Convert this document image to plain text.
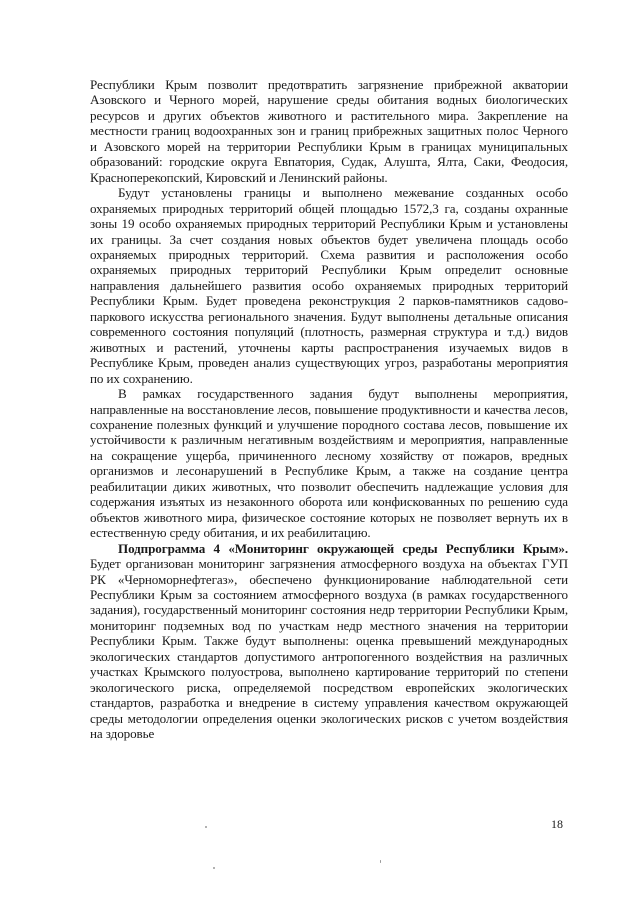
Республики Крым позволит предотвратить загрязнение прибрежной акватории Азовского и Черного морей, нарушение среды обитания водных биологических ресурсов и других объектов животного и растительного мира. Закрепление на местности границ водоохранных зон и границ прибрежных защитных полос Черного и Азовского морей на территории Республики Крым в границах муниципальных образований: городские округа Евпатория, Судак, Алушта, Ялта, Саки, Феодосия, Красноперекопский, Кировский и Ленинский районы.

Будут установлены границы и выполнено межевание созданных особо охраняемых природных территорий общей площадью 1572,3 га, созданы охранные зоны 19 особо охраняемых природных территорий Республики Крым и установлены их границы. За счет создания новых объектов будет увеличена площадь особо охраняемых природных территорий. Схема развития и расположения особо охраняемых природных территорий Республики Крым определит основные направления дальнейшего развития особо охраняемых природных территорий Республики Крым. Будет проведена реконструкция 2 парков-памятников садово-паркового искусства регионального значения. Будут выполнены детальные описания современного состояния популяций (плотность, размерная структура и т.д.) видов животных и растений, уточнены карты распространения изучаемых видов в Республике Крым, проведен анализ существующих угроз, разработаны мероприятия по их сохранению.

В рамках государственного задания будут выполнены мероприятия, направленные на восстановление лесов, повышение продуктивности и качества лесов, сохранение полезных функций и улучшение породного состава лесов, повышение их устойчивости к различным негативным воздействиям и мероприятия, направленные на сокращение ущерба, причиненного лесному хозяйству от пожаров, вредных организмов и лесонарушений в Республике Крым, а также на создание центра реабилитации диких животных, что позволит обеспечить надлежащие условия для содержания изъятых из незаконного оборота или конфискованных по решению суда объектов животного мира, физическое состояние которых не позволяет вернуть их в естественную среду обитания, и их реабилитацию.

Подпрограмма 4 «Мониторинг окружающей среды Республики Крым». Будет организован мониторинг загрязнения атмосферного воздуха на объектах ГУП РК «Черноморнефтегаз», обеспечено функционирование наблюдательной сети Республики Крым за состоянием атмосферного воздуха (в рамках государственного задания), государственный мониторинг состояния недр территории Республики Крым, мониторинг подземных вод по участкам недр местного значения на территории Республики Крым. Также будут выполнены: оценка превышений международных экологических стандартов допустимого антропогенного воздействия на различных участках Крымского полуострова, выполнено картирование территорий по степени экологического риска, определяемой посредством европейских экологических стандартов, разработка и внедрение в систему управления качеством окружающей среды методологии определения оценки экологических рисков с учетом воздействия на здоровье

18
